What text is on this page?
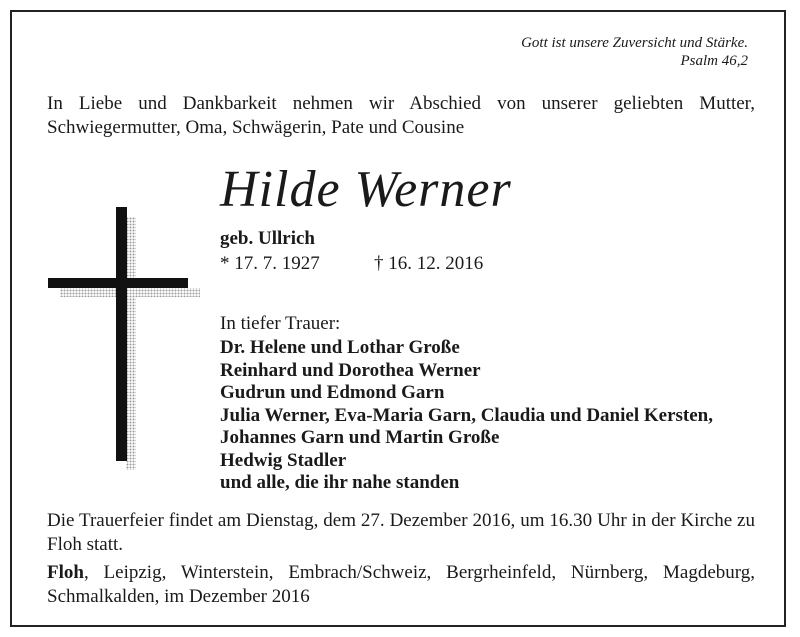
Gott ist unsere Zuversicht und Stärke.
Psalm 46,2
In Liebe und Dankbarkeit nehmen wir Abschied von unserer geliebten Mutter, Schwiegermutter, Oma, Schwägerin, Pate und Cousine
Hilde Werner
geb. Ullrich
* 17. 7. 1927	† 16. 12. 2016
In tiefer Trauer:
Dr. Helene und Lothar Große
Reinhard und Dorothea Werner
Gudrun und Edmond Garn
Julia Werner, Eva-Maria Garn, Claudia und Daniel Kersten,
Johannes Garn und Martin Große
Hedwig Stadler
und alle, die ihr nahe standen
Die Trauerfeier findet am Dienstag, dem 27. Dezember 2016, um 16.30 Uhr in der Kirche zu Floh statt.
Floh, Leipzig, Winterstein, Embrach/Schweiz, Bergrheinfeld, Nürnberg, Magdeburg, Schmalkalden, im Dezember 2016
